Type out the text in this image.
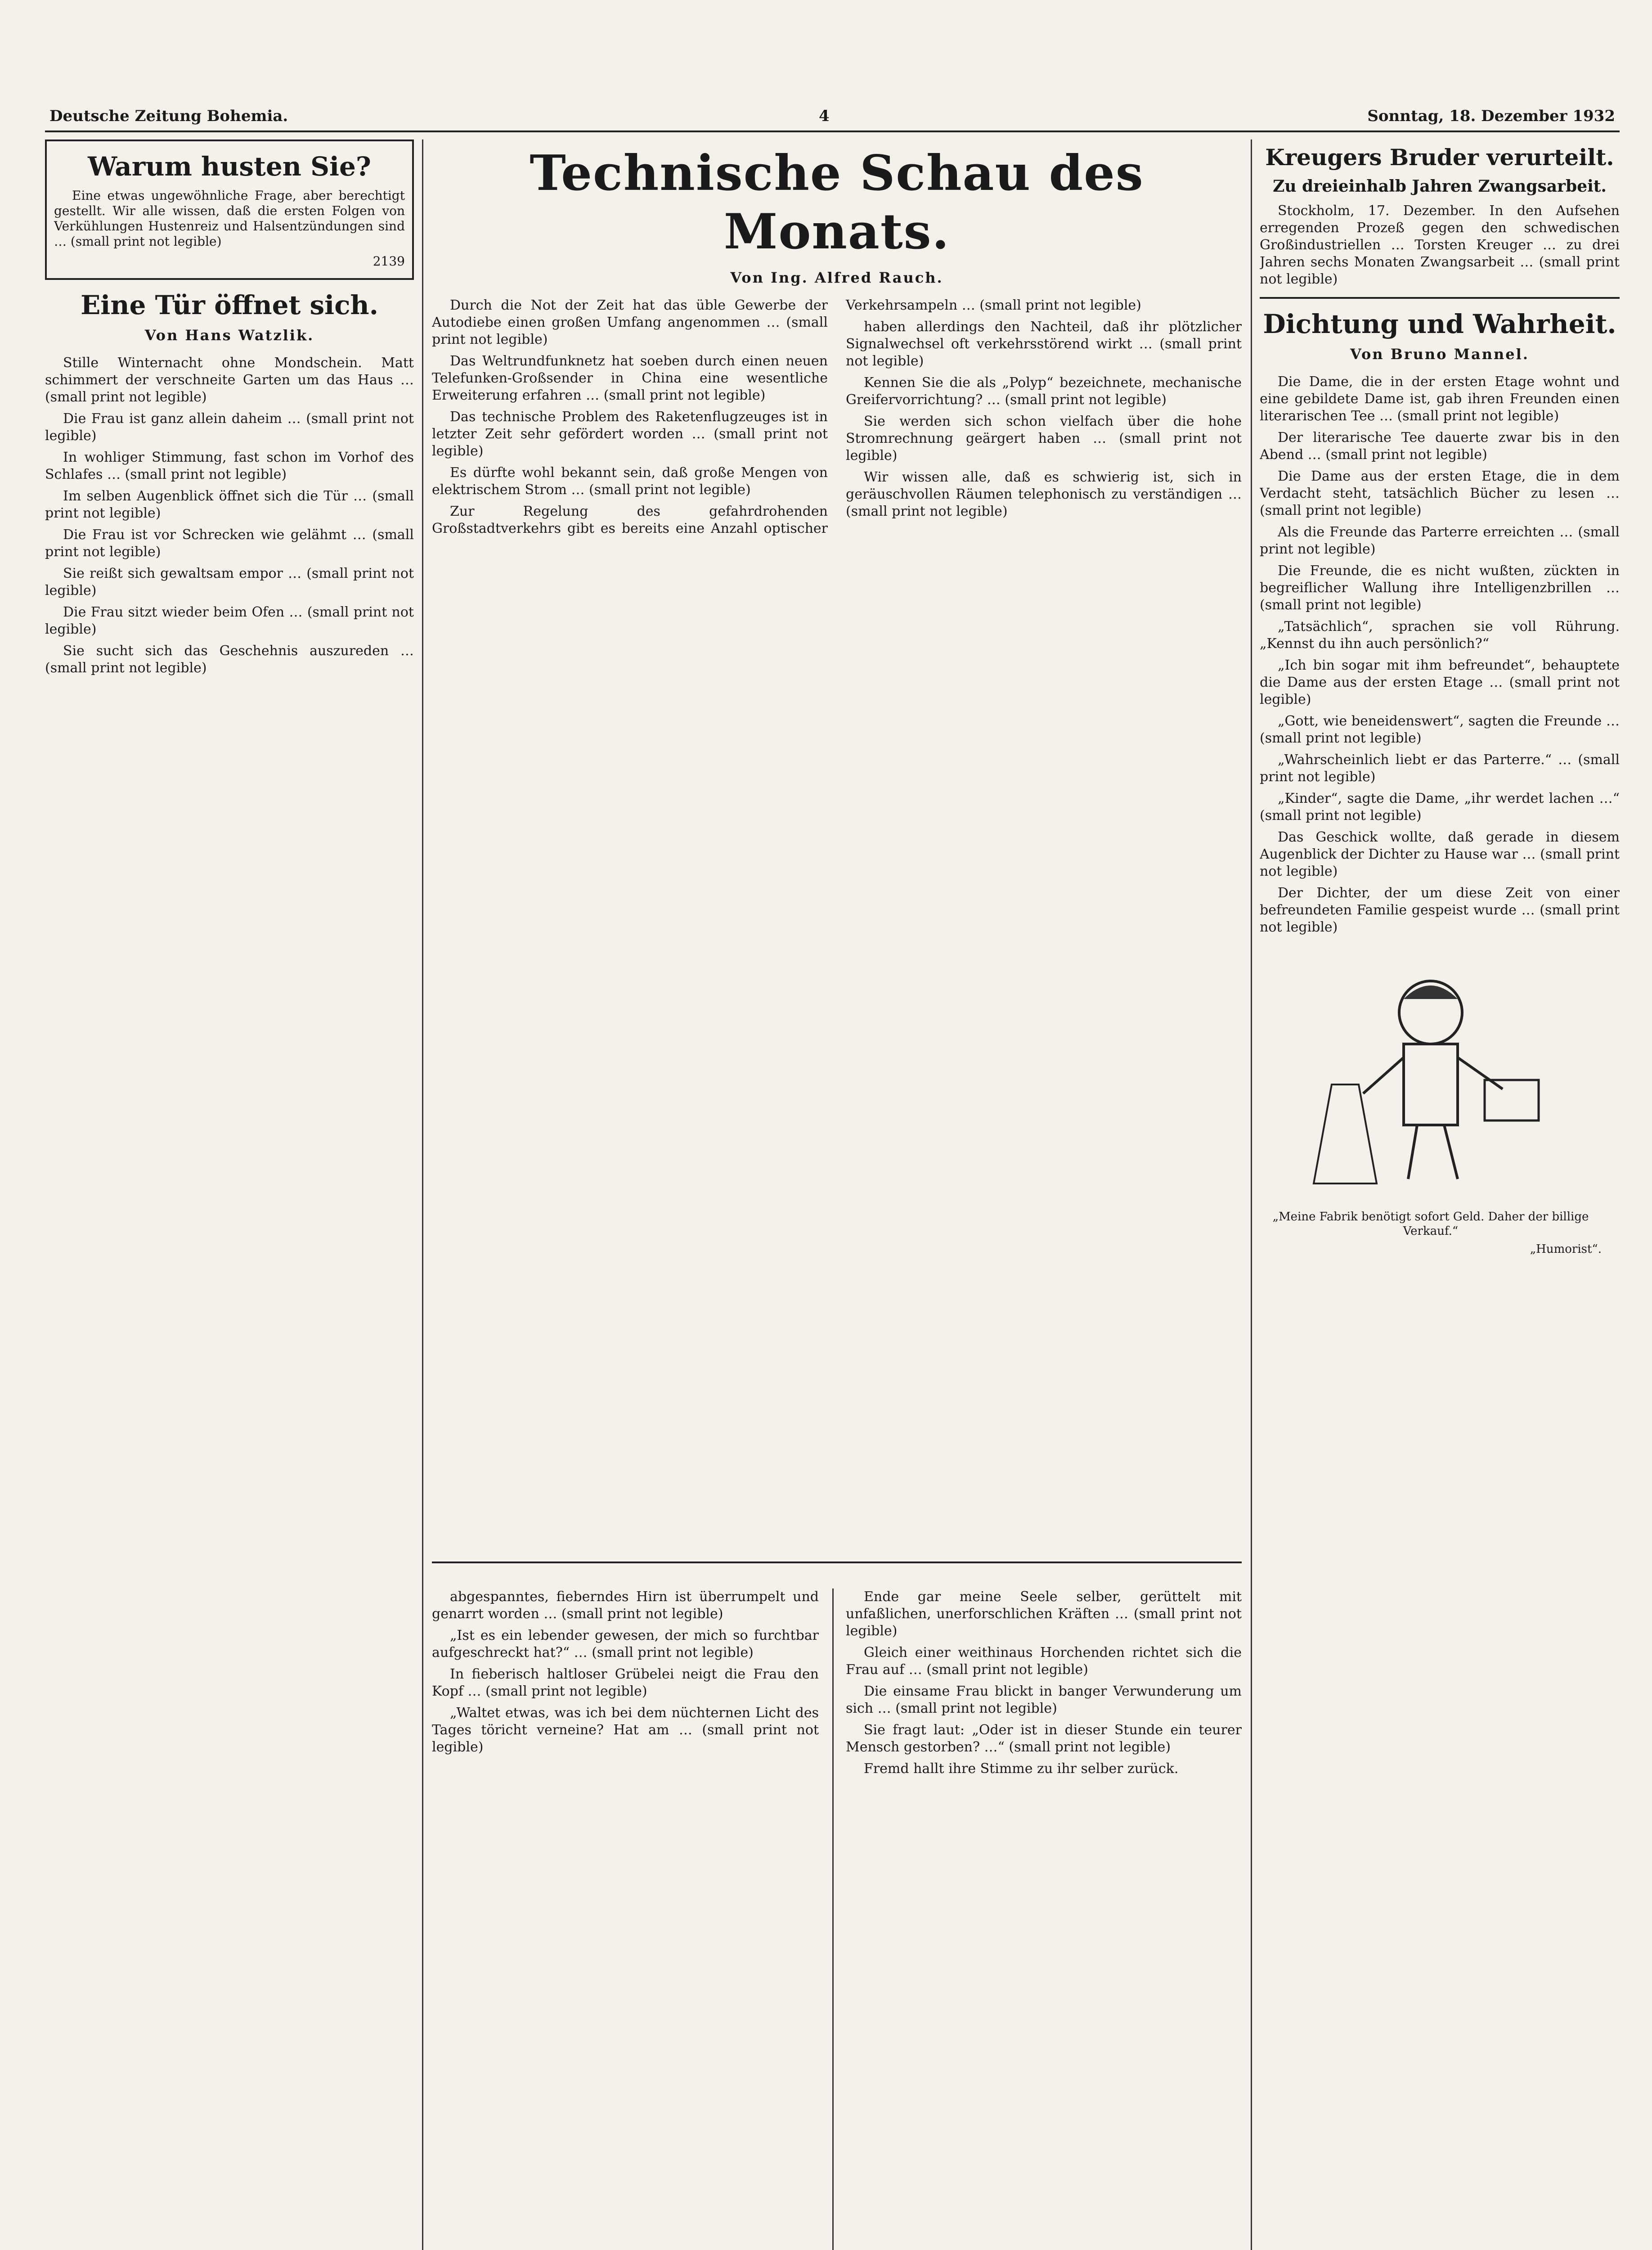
Deutsche Zeitung Bohemia.	4	Sonntag, 18. Dezember 1932
Warum husten Sie?

Eine etwas ungewöhnliche Frage, aber berechtigt gestellt. Wir alle wissen, daß die ersten Folgen von Verkühlungen Hustenreiz und Halsentzündungen sind … (small print not legible)

2139

Eine Tür öffnet sich.
Von Hans Watzlik.

Stille Winternacht ohne Mondschein. Matt schimmert der verschneite Garten um das Haus … (small print not legible)

Die Frau ist ganz allein daheim … (small print not legible)

In wohliger Stimmung, fast schon im Vorhof des Schlafes … (small print not legible)

Im selben Augenblick öffnet sich die Tür … (small print not legible)

Die Frau ist vor Schrecken wie gelähmt … (small print not legible)

Sie reißt sich gewaltsam empor … (small print not legible)

Die Frau sitzt wieder beim Ofen … (small print not legible)

Sie sucht sich das Geschehnis auszureden … (small print not legible)

Technische Schau des Monats.
Von Ing. Alfred Rauch.

Durch die Not der Zeit hat das üble Gewerbe der Autodiebe einen großen Umfang angenommen … (small print not legible)

Das Weltrundfunknetz hat soeben durch einen neuen Telefunken-Großsender in China eine wesentliche Erweiterung erfahren … (small print not legible)

Das technische Problem des Raketenflugzeuges ist in letzter Zeit sehr gefördert worden … (small print not legible)

Es dürfte wohl bekannt sein, daß große Mengen von elektrischem Strom … (small print not legible)

Zur Regelung des gefahrdrohenden Großstadtverkehrs gibt es bereits eine Anzahl optischer Verkehrsampeln … (small print not legible)

haben allerdings den Nachteil, daß ihr plötzlicher Signalwechsel oft verkehrsstörend wirkt … (small print not legible)

Kennen Sie die als „Polyp“ bezeichnete, mechanische Greifervorrichtung? … (small print not legible)

Sie werden sich schon vielfach über die hohe Stromrechnung geärgert haben … (small print not legible)

Wir wissen alle, daß es schwierig ist, sich in geräuschvollen Räumen telephonisch zu verständigen … (small print not legible)

abgespanntes, fieberndes Hirn ist überrumpelt und genarrt worden … (small print not legible)

„Ist es ein lebender gewesen, der mich so furchtbar aufgeschreckt hat?“ … (small print not legible)

In fieberisch haltloser Grübelei neigt die Frau den Kopf … (small print not legible)

„Waltet etwas, was ich bei dem nüchternen Licht des Tages töricht verneine? Hat am … (small print not legible)

Ende gar meine Seele selber, gerüttelt mit unfaßlichen, unerforschlichen Kräften … (small print not legible)

Gleich einer weithinaus Horchenden richtet sich die Frau auf … (small print not legible)

Die einsame Frau blickt in banger Verwunderung um sich … (small print not legible)

Sie fragt laut: „Oder ist in dieser Stunde ein teurer Mensch gestorben? …“ (small print not legible)

Fremd hallt ihre Stimme zu ihr selber zurück.

Kreugers Bruder verurteilt.
Zu dreieinhalb Jahren Zwangsarbeit.

Stockholm, 17. Dezember. In den Aufsehen erregenden Prozeß gegen den schwedischen Großindustriellen … Torsten Kreuger … zu drei Jahren sechs Monaten Zwangsarbeit … (small print not legible)

Dichtung und Wahrheit.
Von Bruno Mannel.

Die Dame, die in der ersten Etage wohnt und eine gebildete Dame ist, gab ihren Freunden einen literarischen Tee … (small print not legible)

Der literarische Tee dauerte zwar bis in den Abend … (small print not legible)

Die Dame aus der ersten Etage, die in dem Verdacht steht, tatsächlich Bücher zu lesen … (small print not legible)

Als die Freunde das Parterre erreichten … (small print not legible)

Die Freunde, die es nicht wußten, zückten in begreiflicher Wallung ihre Intelligenzbrillen … (small print not legible)

„Tatsächlich“, sprachen sie voll Rührung. „Kennst du ihn auch persönlich?“

„Ich bin sogar mit ihm befreundet“, behauptete die Dame aus der ersten Etage … (small print not legible)

„Gott, wie beneidenswert“, sagten die Freunde … (small print not legible)

„Wahrscheinlich liebt er das Parterre.“ … (small print not legible)

„Kinder“, sagte die Dame, „ihr werdet lachen …“ (small print not legible)

Das Geschick wollte, daß gerade in diesem Augenblick der Dichter zu Hause war … (small print not legible)

Der Dichter, der um diese Zeit von einer befreundeten Familie gespeist wurde … (small print not legible)

„Meine Fabrik benötigt sofort Geld. Daher der billige Verkauf.“
„Humorist“.
